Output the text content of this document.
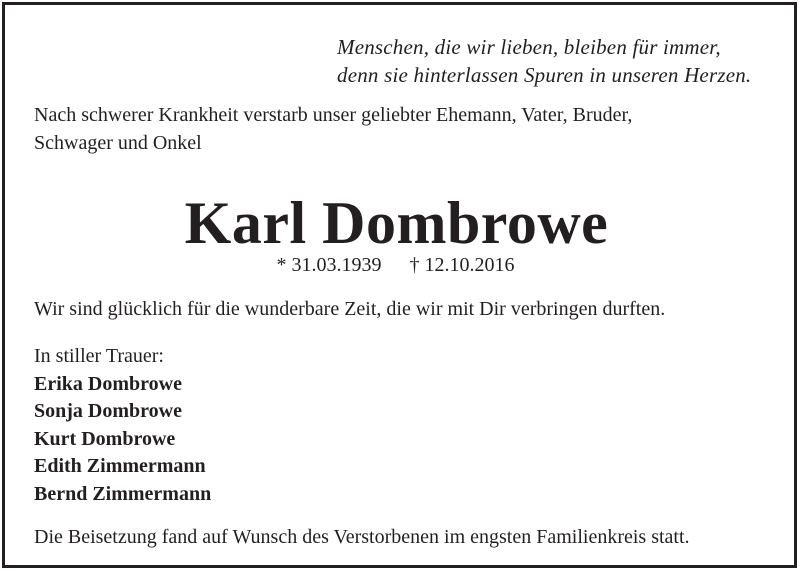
Menschen, die wir lieben, bleiben für immer,
denn sie hinterlassen Spuren in unseren Herzen.
Nach schwerer Krankheit verstarb unser geliebter Ehemann, Vater, Bruder,
Schwager und Onkel
Karl Dombrowe
* 31.03.1939 † 12.10.2016
Wir sind glücklich für die wunderbare Zeit, die wir mit Dir verbringen durften.
In stiller Trauer:
Erika Dombrowe
Sonja Dombrowe
Kurt Dombrowe
Edith Zimmermann
Bernd Zimmermann
Die Beisetzung fand auf Wunsch des Verstorbenen im engsten Familienkreis statt.
